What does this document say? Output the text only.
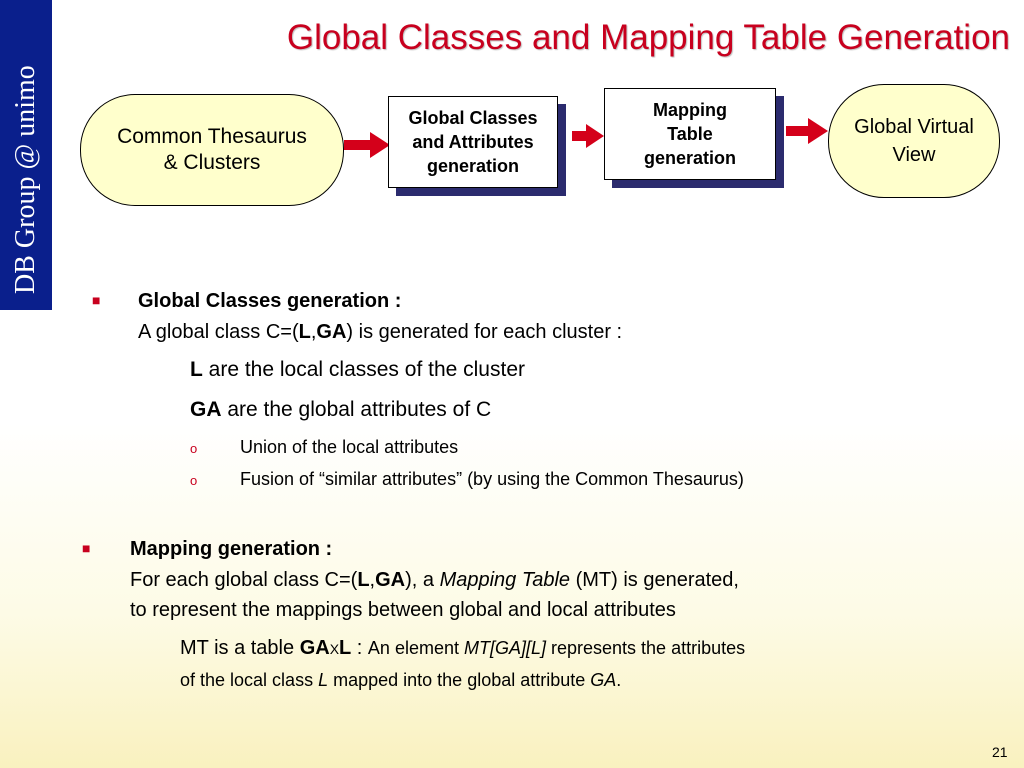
DB Group @ unimo
Global Classes and Mapping Table Generation
Common Thesaurus
& Clusters
Global Classes
and Attributes
generation
Mapping
Table
generation
Global Virtual
View
■ Global Classes generation :
A global class C=(L,GA) is generated for each cluster :
L are the local classes of the cluster
GA are the global attributes of C
o Union of the local attributes
o Fusion of “similar attributes” (by using the Common Thesaurus)
■ Mapping generation :
For each global class C=(L,GA), a Mapping Table (MT) is generated,
to represent the mappings between global and local attributes
MT is a table GAXL : An element MT[GA][L] represents the attributes
of the local class L mapped into the global attribute GA.
21
